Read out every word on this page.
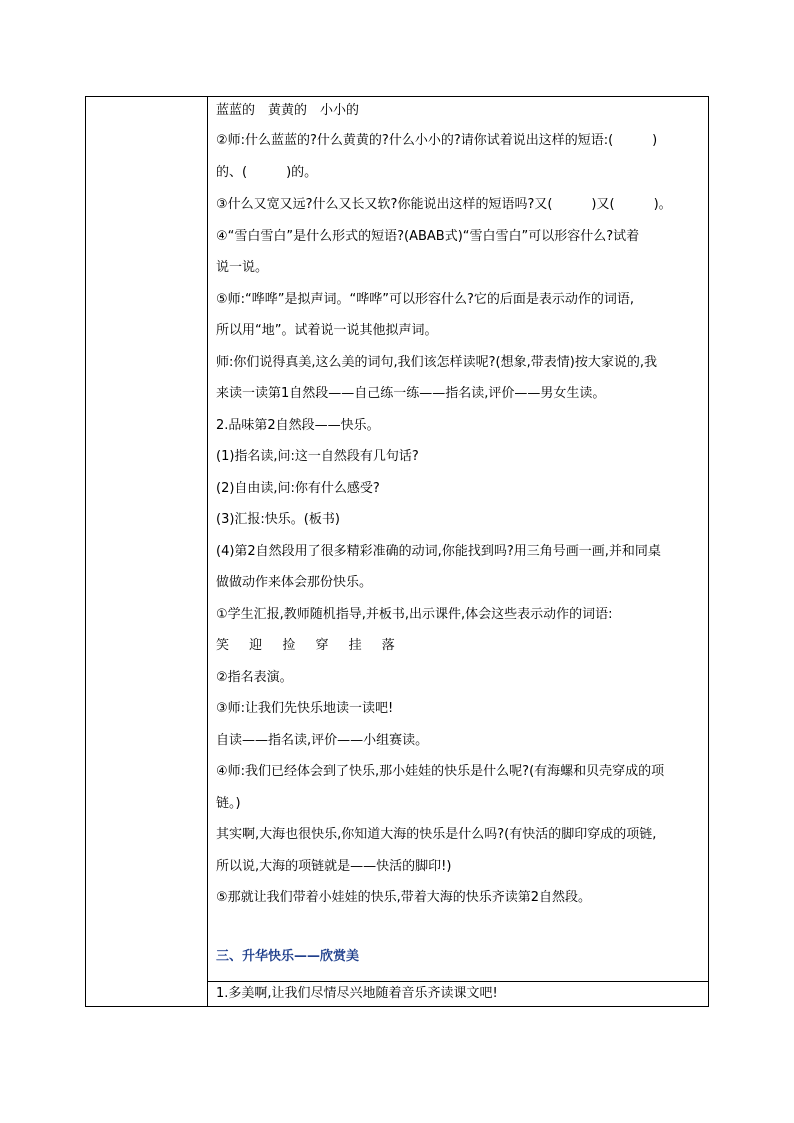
蓝蓝的　黄黄的　小小的
②师:什么蓝蓝的?什么黄黄的?什么小小的?请你试着说出这样的短语:(　　　)
的、(　　　)的。
③什么又宽又远?什么又长又软?你能说出这样的短语吗?又(　　　)又(　　　)。
④“雪白雪白”是什么形式的短语?(ABAB式)“雪白雪白”可以形容什么?试着
说一说。
⑤师:“哗哗”是拟声词。“哗哗”可以形容什么?它的后面是表示动作的词语,
所以用“地”。试着说一说其他拟声词。
师:你们说得真美,这么美的词句,我们该怎样读呢?(想象,带表情)按大家说的,我
来读一读第1自然段——自己练一练——指名读,评价——男女生读。
2.品味第2自然段——快乐。
(1)指名读,问:这一自然段有几句话?
(2)自由读,问:你有什么感受?
(3)汇报:快乐。(板书)
(4)第2自然段用了很多精彩准确的动词,你能找到吗?用三角号画一画,并和同桌
做做动作来体会那份快乐。
①学生汇报,教师随机指导,并板书,出示课件,体会这些表示动作的词语:
笑 迎 捡 穿 挂 落
②指名表演。
③师:让我们先快乐地读一读吧!
自读——指名读,评价——小组赛读。
④师:我们已经体会到了快乐,那小娃娃的快乐是什么呢?(有海螺和贝壳穿成的项
链。)
其实啊,大海也很快乐,你知道大海的快乐是什么吗?(有快活的脚印穿成的项链,
所以说,大海的项链就是——快活的脚印!)
⑤那就让我们带着小娃娃的快乐,带着大海的快乐齐读第2自然段。
三、升华快乐——欣赏美
1.多美啊,让我们尽情尽兴地随着音乐齐读课文吧!
